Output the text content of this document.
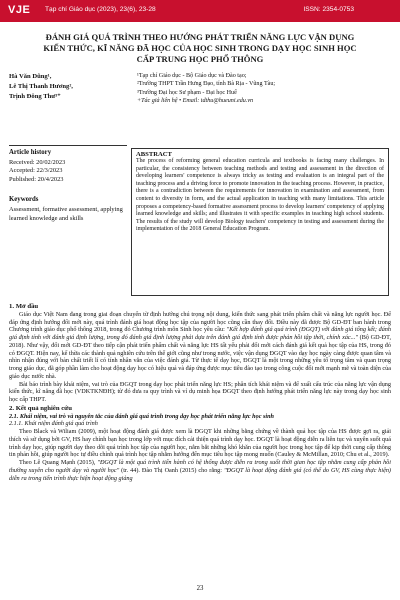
VJE Tạp chí Giáo dục (2023), 23(6), 23-28	ISSN: 2354-0753
ĐÁNH GIÁ QUÁ TRÌNH THEO HƯỚNG PHÁT TRIỂN NĂNG LỰC VẬN DỤNG KIẾN THỨC, KĨ NĂNG ĐÃ HỌC CỦA HỌC SINH TRONG DẠY HỌC SINH HỌC CẤP TRUNG HỌC PHỔ THÔNG
Hà Văn Dũng¹,
Lê Thị Thanh Hương²,
Trịnh Đông Thư³⁺
¹Tạp chí Giáo dục - Bộ Giáo dục và Đào tạo;
²Trường THPT Trần Hưng Đạo, tỉnh Bà Rịa - Vũng Tàu;
³Trường Đại học Sư phạm - Đại học Huế
+Tác giả liên hệ • Email: tdthu@hueuni.edu.vn
Article history
Received: 20/02/2023
Accepted: 22/3/2023
Published: 20/4/2023
Keywords
Assessment, formative assessment, applying learned knowledge and skills
ABSTRACT

The process of reforming general education curricula and textbooks is facing many challenges. In particular, the consistency between teaching methods and testing and assessment in the direction of developing learners' competence is always tricky as testing and evaluation is an integral part of the teaching process and a driving force to promote innovation in the teaching process. However, in practice, there is a contradiction between the requirements for innovation in examination and assessment, from content to diversity in form, and the actual application in teaching with many limitations. This article proposes a competency-based formative assessment process to develop learners' competency of applying learned knowledge and skills; and illustrates it with specific examples in teaching high school students. The results of the study will develop Biology teachers' competency in testing and assessment during the implementation of the 2018 General Education Program.

1. Mở đầu

Giáo dục Việt Nam đang trong giai đoạn chuyển từ định hướng chú trọng nội dung, kiến thức sang phát triển phẩm chất và năng lực người học. Để đáp ứng định hướng đổi mới này, quá trình đánh giá hoạt động học tập của người học cũng cần thay đổi. Điều này đã được Bộ GD-ĐT ban hành trong Chương trình giáo dục phổ thông 2018, trong đó Chương trình môn Sinh học yêu cầu: "Kết hợp đánh giá quá trình (ĐGQT) với đánh giá tổng kết; đánh giá định tính với đánh giá định lượng, trong đó đánh giá định lượng phải dựa trên đánh giá định tính được phản hồi tập thời, chính xác..." (Bộ GD-ĐT, 2018). Như vậy, đổi mới GD-ĐT theo tiếp cận phát triển phẩm chất và năng lực HS tất yếu phải đổi mới cách đánh giá kết quả học tập của HS, trong đó có ĐGQT. Hiện nay, kể thừa các thành quả nghiên cứu trên thế giới cũng như trong nước, việc vận dụng ĐGQT vào dạy học ngày càng được quan tâm và nhìn nhận đúng với bản chất triết lí có tính nhân văn của việc đánh giá. Từ thực tế dạy học, ĐGQT là một trong những yêu tố trọng tâm và quan trọng trong giáo dục, đã góp phần làm cho hoạt động dạy học có hiệu quả và đáp ứng được mục tiêu đào tạo trong công cuộc đổi mới mạnh mẽ và toàn diện của giáo dục nước nhà.

Bài báo trình bày khái niệm, vai trò của ĐGQT trong dạy học phát triển năng lực HS; phân tích khái niệm và để xuất cấu trúc của năng lực vận dụng kiến thức, kĩ năng đã học (VDKTKNĐH); từ đó đưa ra quy trình và ví dụ minh họa ĐGQT theo định hướng phát triển năng lực này trong dạy học sinh học cấp THPT.

2. Kết quả nghiên cứu
2.1. Khái niệm, vai trò và nguyên tắc của đánh giá quá trình trong dạy học phát triển năng lực học sinh
2.1.1. Khái niệm đánh giá quá trình

Theo Black và Wiliam (2009), một hoạt động đánh giá được xem là ĐGQT khi những bằng chứng về thành quả học tập của HS được gợi ra, giải thích và sử dụng bởi GV, HS hay chính bạn học trong lớp với mục đích cải thiện quá trình dạy học. ĐGQT là hoạt động diễn ra liên tục và xuyên suốt quá trình dạy học, giúp người dạy theo dõi quá trình học tập của người học, nắm bắt những khó khăn của người học trong học tập để kịp thời cung cấp thông tin phản hồi, giúp người học tự điều chỉnh quá trình học tập nhằm hướng đến mục tiêu học tập mong muốn (Cauley & McMillan, 2010; Chu et al., 2019).

Theo Lê Quang Mạnh (2015), "ĐGQT là một quá trình tiến hành có hệ thống được diễn ra trong suốt thời gian học tập nhằm cung cấp phản hồi thường xuyên cho người dạy và người học" (tr. 44). Đào Thị Oanh (2015) cho rằng: "ĐGQT là hoạt động đánh giá (có thể do GV, HS cùng thực hiện) diễn ra trong tiến trình thực hiện hoạt động giảng

23
